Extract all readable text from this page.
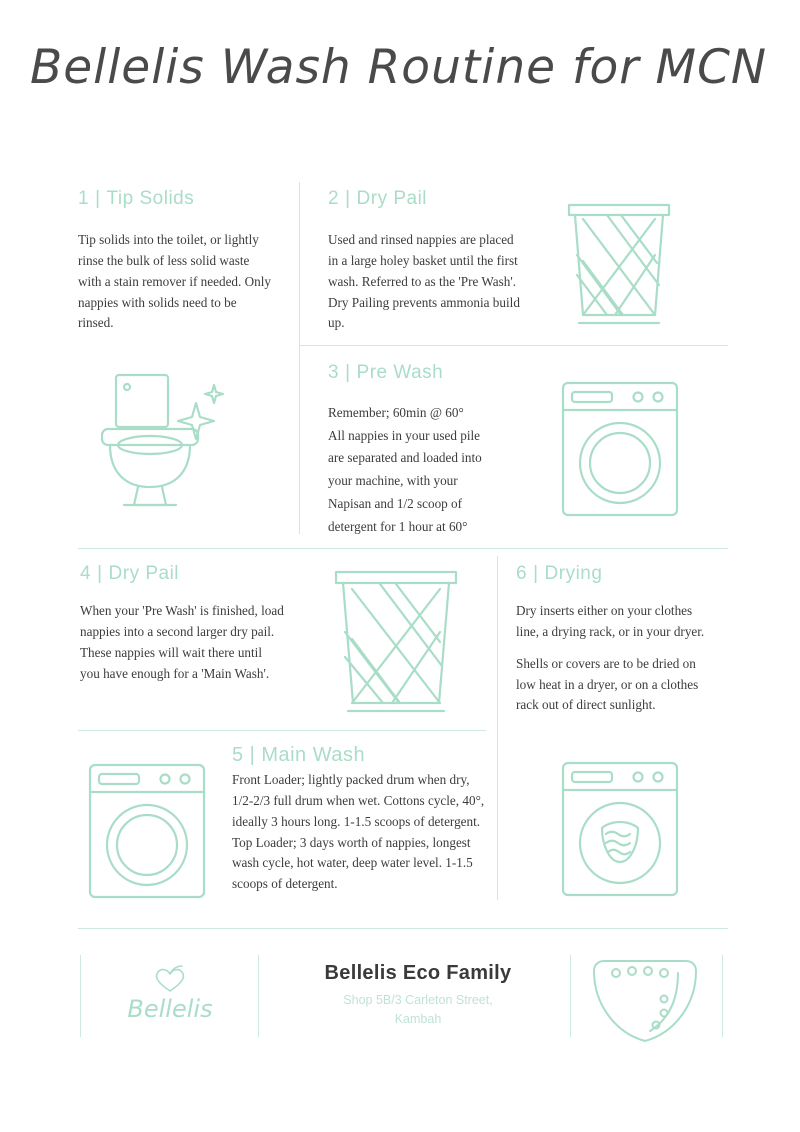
Bellelis Wash Routine for MCN
1 | Tip Solids

Tip solids into the toilet, or lightly rinse the bulk of less solid waste with a stain remover if needed. Only nappies with solids need to be rinsed.

2 | Dry Pail

Used and rinsed nappies are placed in a large holey basket until the first wash. Referred to as the 'Pre Wash'. Dry Pailing prevents ammonia build up.

3 | Pre Wash
Remember; 60min @ 60°
All nappies in your used pile
are separated and loaded into
your machine, with your
Napisan and 1/2 scoop of
detergent for 1 hour at 60°
4 | Dry Pail

When your 'Pre Wash' is finished, load nappies into a second larger dry pail. These nappies will wait there until you have enough for a 'Main Wash'.

6 | Drying

Dry inserts either on your clothes line, a drying rack, or in your dryer.

Shells or covers are to be dried on low heat in a dryer, or on a clothes rack out of direct sunlight.

5 | Main Wash

Front Loader; lightly packed drum when dry, 1/2-2/3 full drum when wet. Cottons cycle, 40°, ideally 3 hours long. 1-1.5 scoops of detergent.

Top Loader; 3 days worth of nappies, longest wash cycle, hot water, deep water level. 1-1.5 scoops of detergent.

Bellelis
Bellelis Eco Family
Shop 5B/3 Carleton Street,
Kambah
